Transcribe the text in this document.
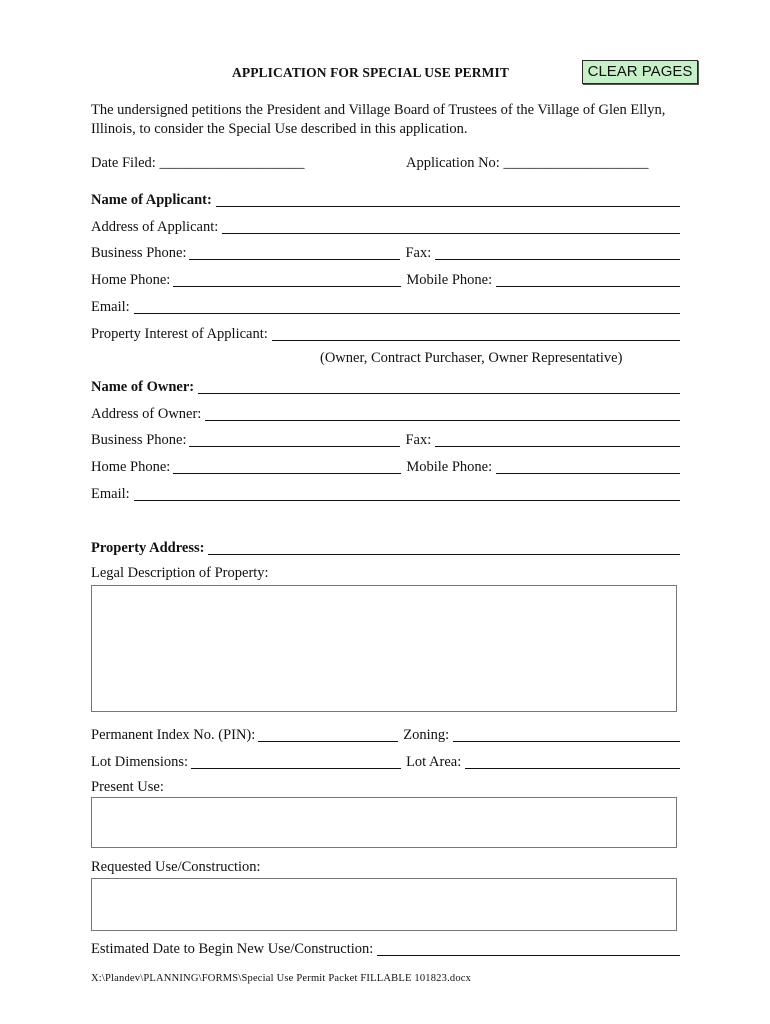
APPLICATION FOR SPECIAL USE PERMIT	CLEAR PAGES
The undersigned petitions the President and Village Board of Trustees of the Village of Glen Ellyn, Illinois, to consider the Special Use described in this application.
Date Filed: ____________________	Application No: ____________________
Name of Applicant:
Address of Applicant:
Business Phone:	Fax:
Home Phone:	Mobile Phone:
Email:
Property Interest of Applicant:
(Owner, Contract Purchaser, Owner Representative)
Name of Owner:
Address of Owner:
Business Phone:	Fax:
Home Phone:	Mobile Phone:
Email:
Property Address:
Legal Description of Property:
Permanent Index No. (PIN):	Zoning:
Lot Dimensions:	Lot Area:
Present Use:
Requested Use/Construction:
Estimated Date to Begin New Use/Construction:
X:\Plandev\PLANNING\FORMS\Special Use Permit Packet FILLABLE 101823.docx
